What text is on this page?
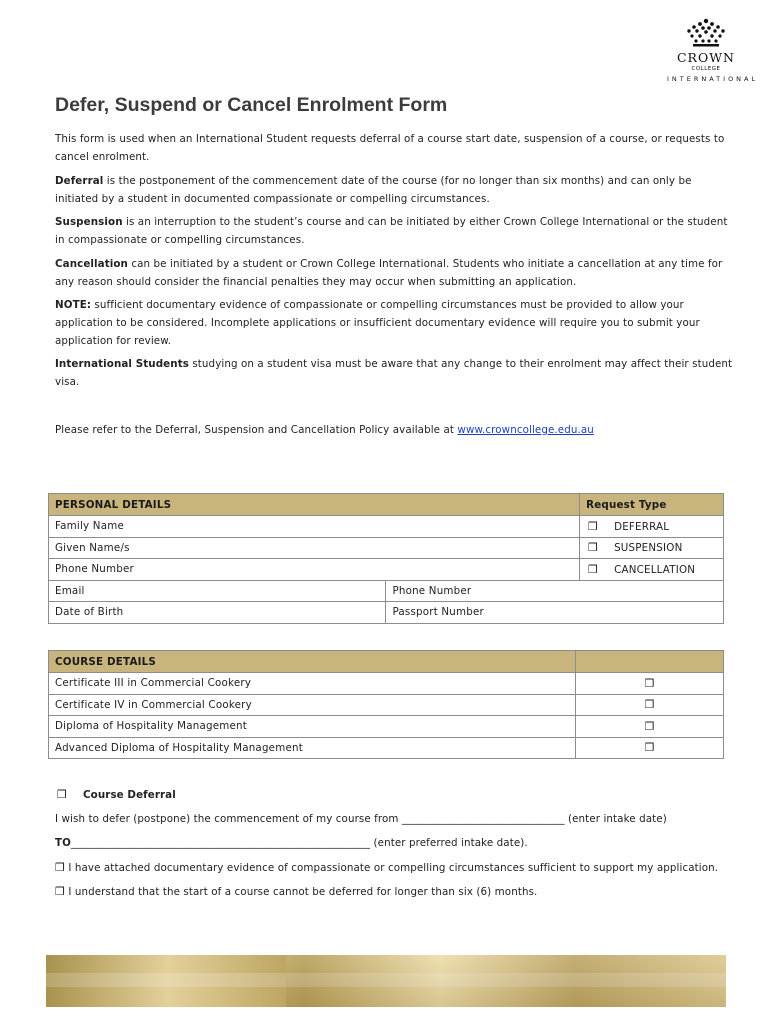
CROWN
COLLEGE
INTERNATIONAL
Defer, Suspend or Cancel Enrolment Form
This form is used when an International Student requests deferral of a course start date, suspension of a course, or requests to cancel enrolment.
Deferral is the postponement of the commencement date of the course (for no longer than six months) and can only be initiated by a student in documented compassionate or compelling circumstances.
Suspension is an interruption to the student’s course and can be initiated by either Crown College International or the student in compassionate or compelling circumstances.
Cancellation can be initiated by a student or Crown College International. Students who initiate a cancellation at any time for any reason should consider the financial penalties they may occur when submitting an application.
NOTE: sufficient documentary evidence of compassionate or compelling circumstances must be provided to allow your application to be considered. Incomplete applications or insufficient documentary evidence will require you to submit your application for review.
International Students studying on a student visa must be aware that any change to their enrolment may affect their student visa.
Please refer to the Deferral, Suspension and Cancellation Policy available at www.crowncollege.edu.au
PERSONAL DETAILS		Request Type
Family Name		❒ DEFERRAL
Given Name/s		❒ SUSPENSION
Phone Number		❒ CANCELLATION
Email	Phone Number	
Date of Birth	Passport Number	
COURSE DETAILS	
Certificate III in Commercial Cookery	❒
Certificate IV in Commercial Cookery	❒
Diploma of Hospitality Management	❒
Advanced Diploma of Hospitality Management	❒
❒ Course Deferral
I wish to defer (postpone) the commencement of my course from _______________________________ (enter intake date)
TO_________________________________________________________ (enter preferred intake date).
❒ I have attached documentary evidence of compassionate or compelling circumstances sufficient to support my application.
❒ I understand that the start of a course cannot be deferred for longer than six (6) months.
